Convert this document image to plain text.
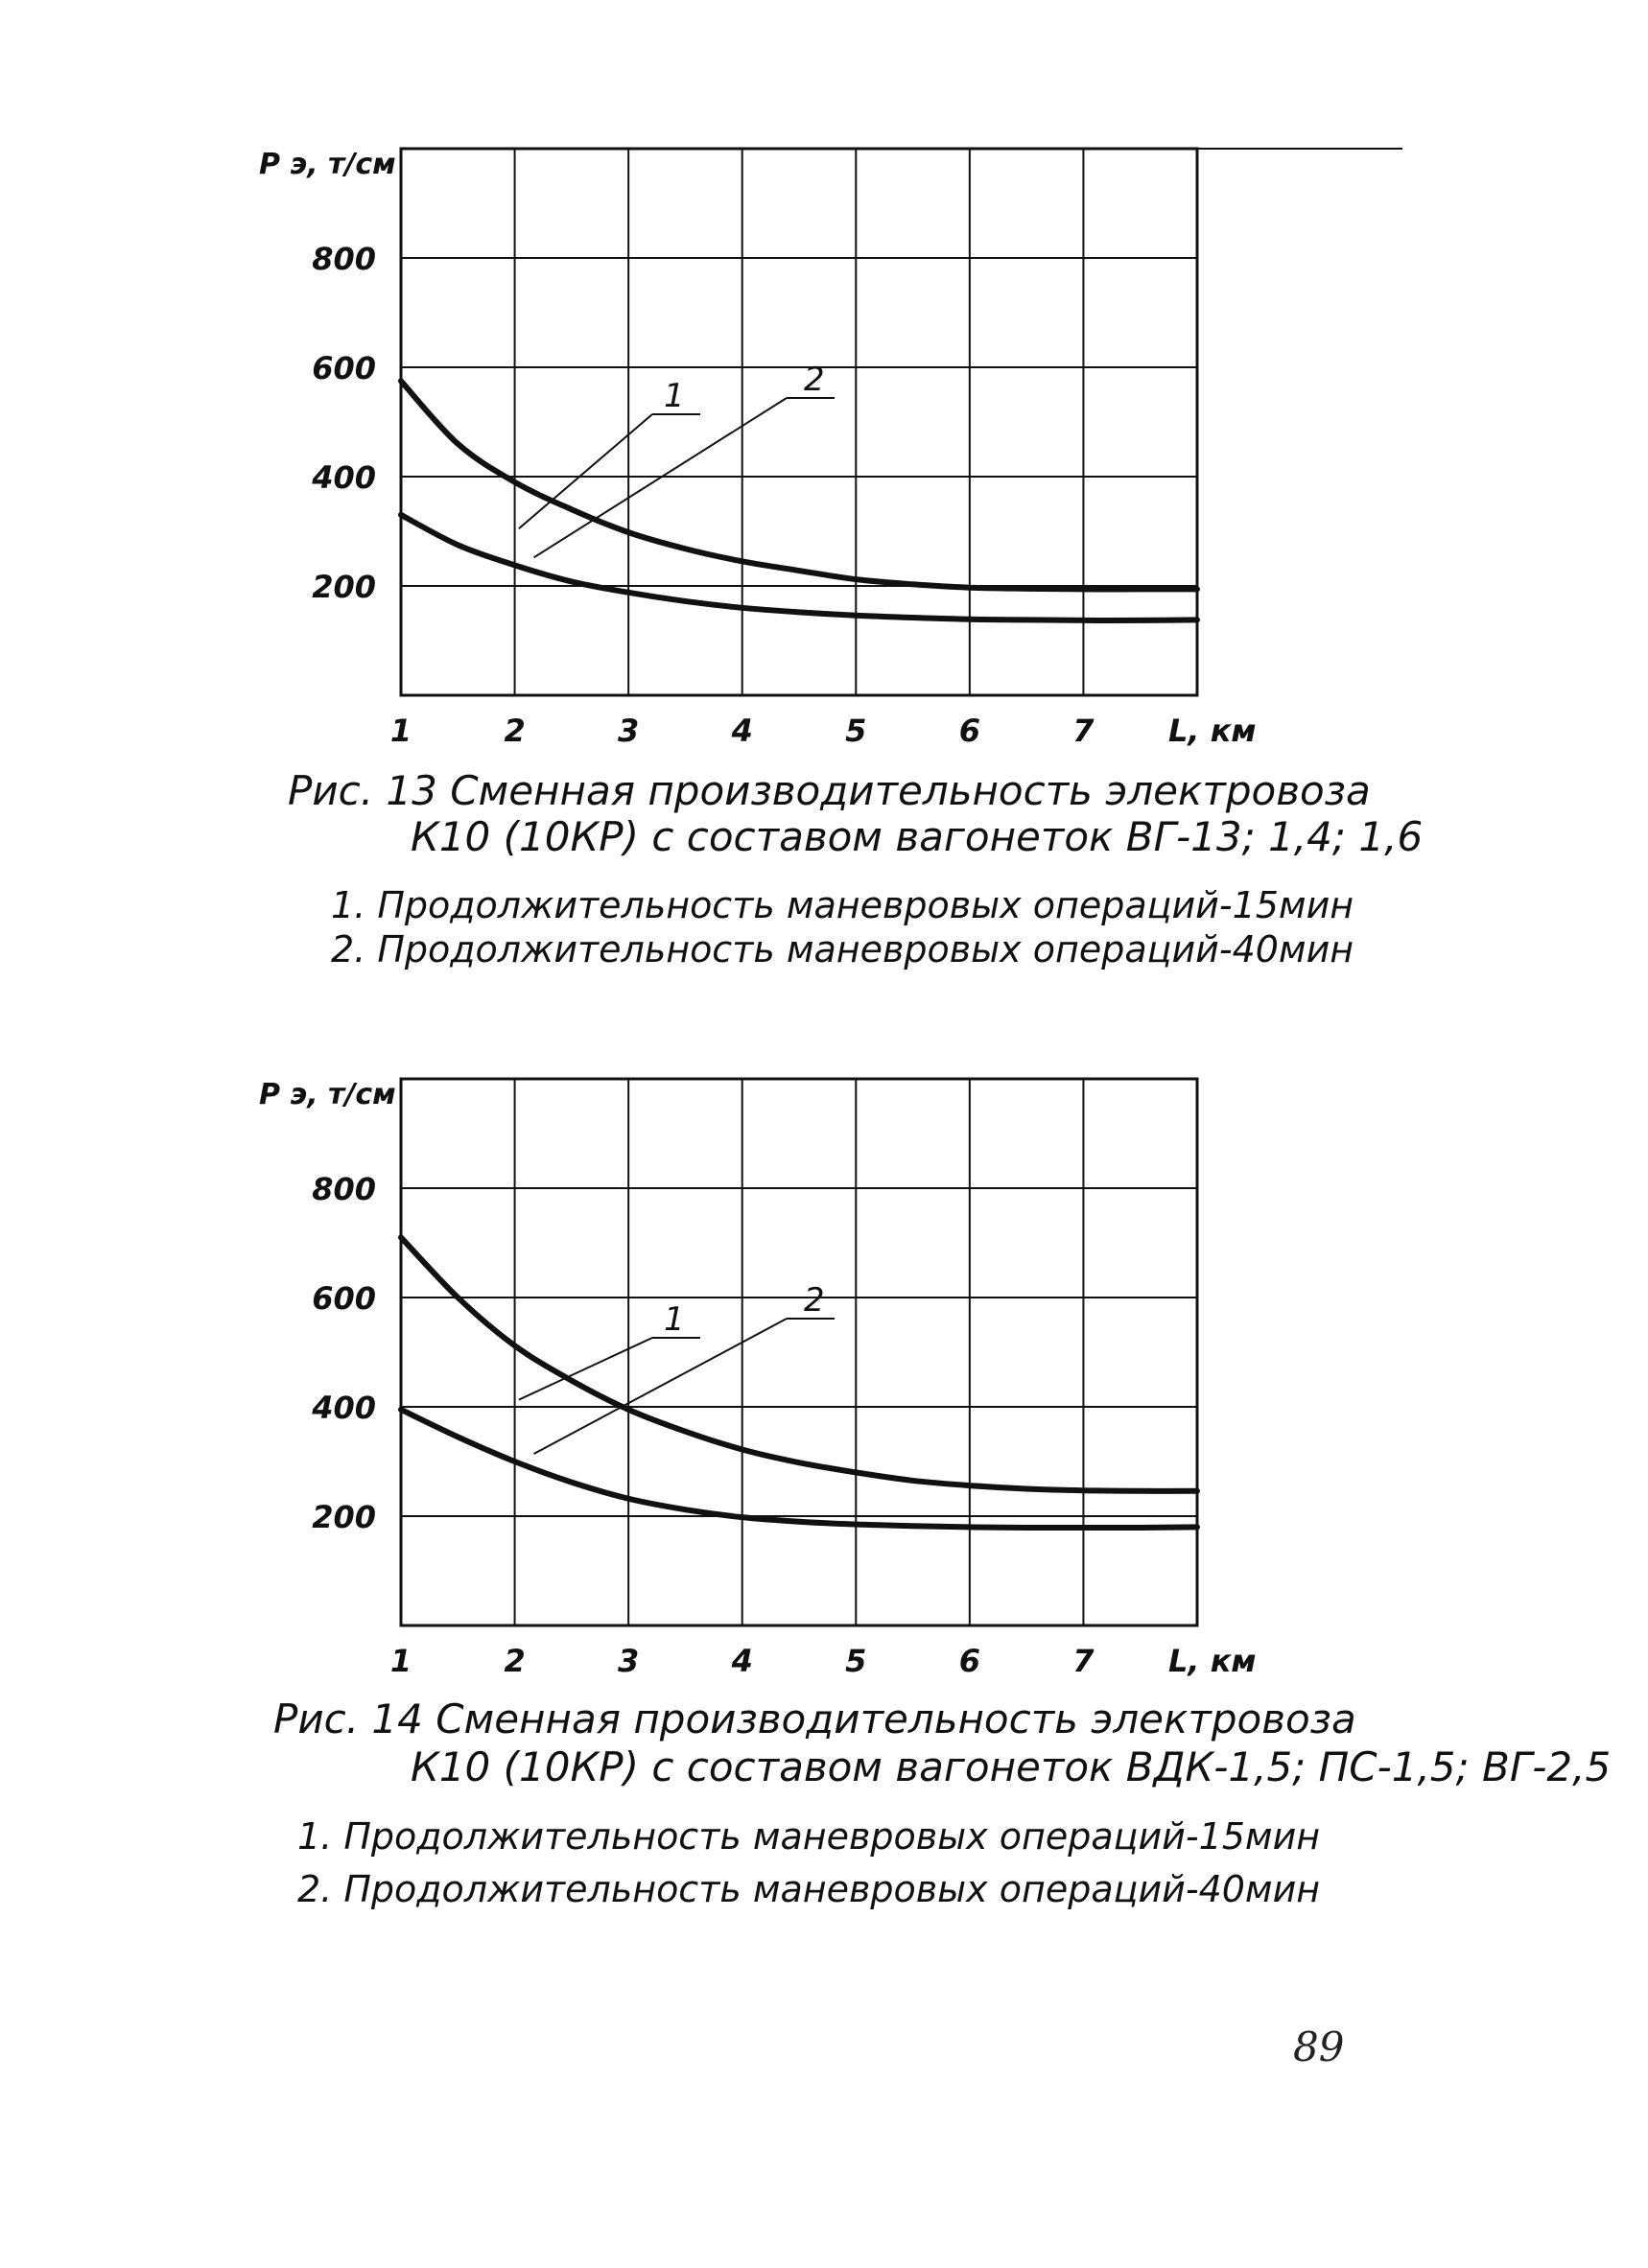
P э, т/см
200
400
600
800
1	2	3	4	5	6	7 L, км
1	2
Рис. 13 Сменная производительность электровоза
К10 (10КР) с составом вагонеток ВГ-13; 1,4; 1,6
1. Продолжительность маневровых операций-15мин
2. Продолжительность маневровых операций-40мин
P э, т/см
200
400
600
800
1	2	3	4	5	6	7 L, км
1	2
Рис. 14 Сменная производительность электровоза
К10 (10КР) с составом вагонеток ВДК-1,5; ПС-1,5; ВГ-2,5
1. Продолжительность маневровых операций-15мин
2. Продолжительность маневровых операций-40мин
89
